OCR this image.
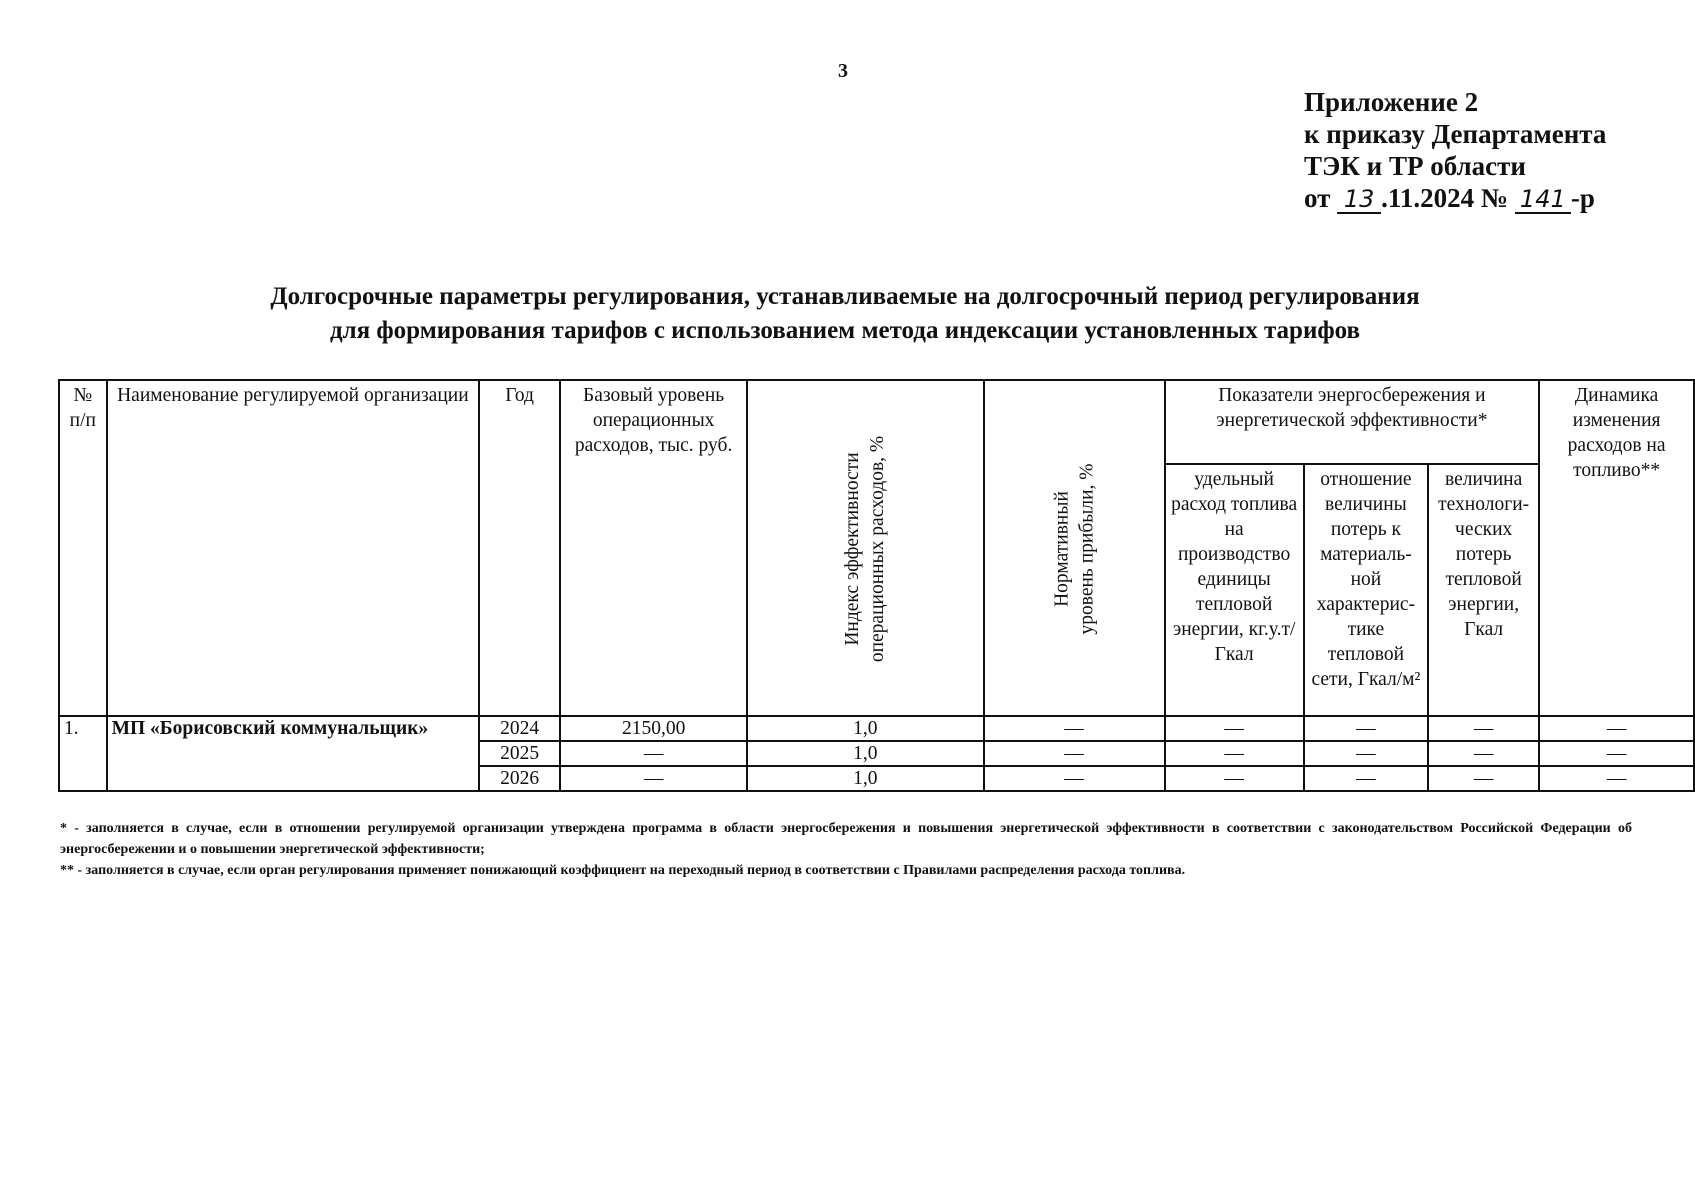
3
Приложение 2
к приказу Департамента
ТЭК и ТР области
от 13 .11.2024 № 141 -р
Долгосрочные параметры регулирования, устанавливаемые на долгосрочный период регулирования
для формирования тарифов с использованием метода индексации установленных тарифов
№ п/п	Наименование регулируемой организации	Год	Базовый уровень операционных расходов, тыс. руб.	Индекс эффективности операционных расходов, %	Нормативный уровень прибыли, %	Показатели энергосбережения и энергетической эффективности*			Динамика изменения расходов на топливо**
						удельный расход топлива на производство единицы тепловой энергии, кг.у.т/Гкал	отношение величины потерь к материаль-ной характерис-тике тепловой сети, Гкал/м²	величина технологи-ческих потерь тепловой энергии, Гкал	
1.	МП «Борисовский коммунальщик»	2024	2150,00	1,0	—	—	—	—	—
		2025	—	1,0	—	—	—	—	—
		2026	—	1,0	—	—	—	—	—
* - заполняется в случае, если в отношении регулируемой организации утверждена программа в области энергосбережения и повышения энергетической эффективности в соответствии с законодательством Российской Федерации об энергосбережении и о повышении энергетической эффективности;
** - заполняется в случае, если орган регулирования применяет понижающий коэффициент на переходный период в соответствии с Правилами распределения расхода топлива.
